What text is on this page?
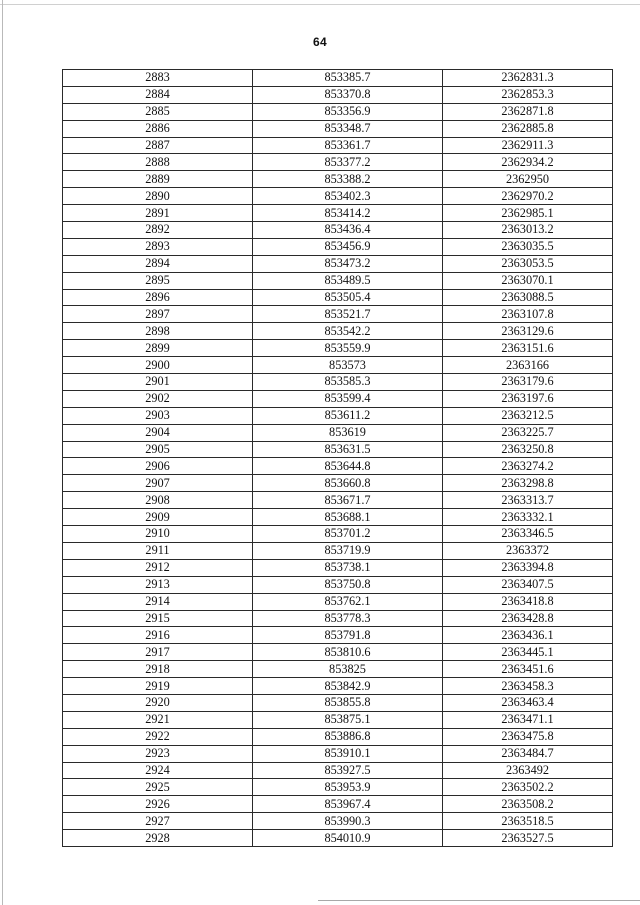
64
2883	853385.7	2362831.3
2884	853370.8	2362853.3
2885	853356.9	2362871.8
2886	853348.7	2362885.8
2887	853361.7	2362911.3
2888	853377.2	2362934.2
2889	853388.2	2362950
2890	853402.3	2362970.2
2891	853414.2	2362985.1
2892	853436.4	2363013.2
2893	853456.9	2363035.5
2894	853473.2	2363053.5
2895	853489.5	2363070.1
2896	853505.4	2363088.5
2897	853521.7	2363107.8
2898	853542.2	2363129.6
2899	853559.9	2363151.6
2900	853573	2363166
2901	853585.3	2363179.6
2902	853599.4	2363197.6
2903	853611.2	2363212.5
2904	853619	2363225.7
2905	853631.5	2363250.8
2906	853644.8	2363274.2
2907	853660.8	2363298.8
2908	853671.7	2363313.7
2909	853688.1	2363332.1
2910	853701.2	2363346.5
2911	853719.9	2363372
2912	853738.1	2363394.8
2913	853750.8	2363407.5
2914	853762.1	2363418.8
2915	853778.3	2363428.8
2916	853791.8	2363436.1
2917	853810.6	2363445.1
2918	853825	2363451.6
2919	853842.9	2363458.3
2920	853855.8	2363463.4
2921	853875.1	2363471.1
2922	853886.8	2363475.8
2923	853910.1	2363484.7
2924	853927.5	2363492
2925	853953.9	2363502.2
2926	853967.4	2363508.2
2927	853990.3	2363518.5
2928	854010.9	2363527.5
